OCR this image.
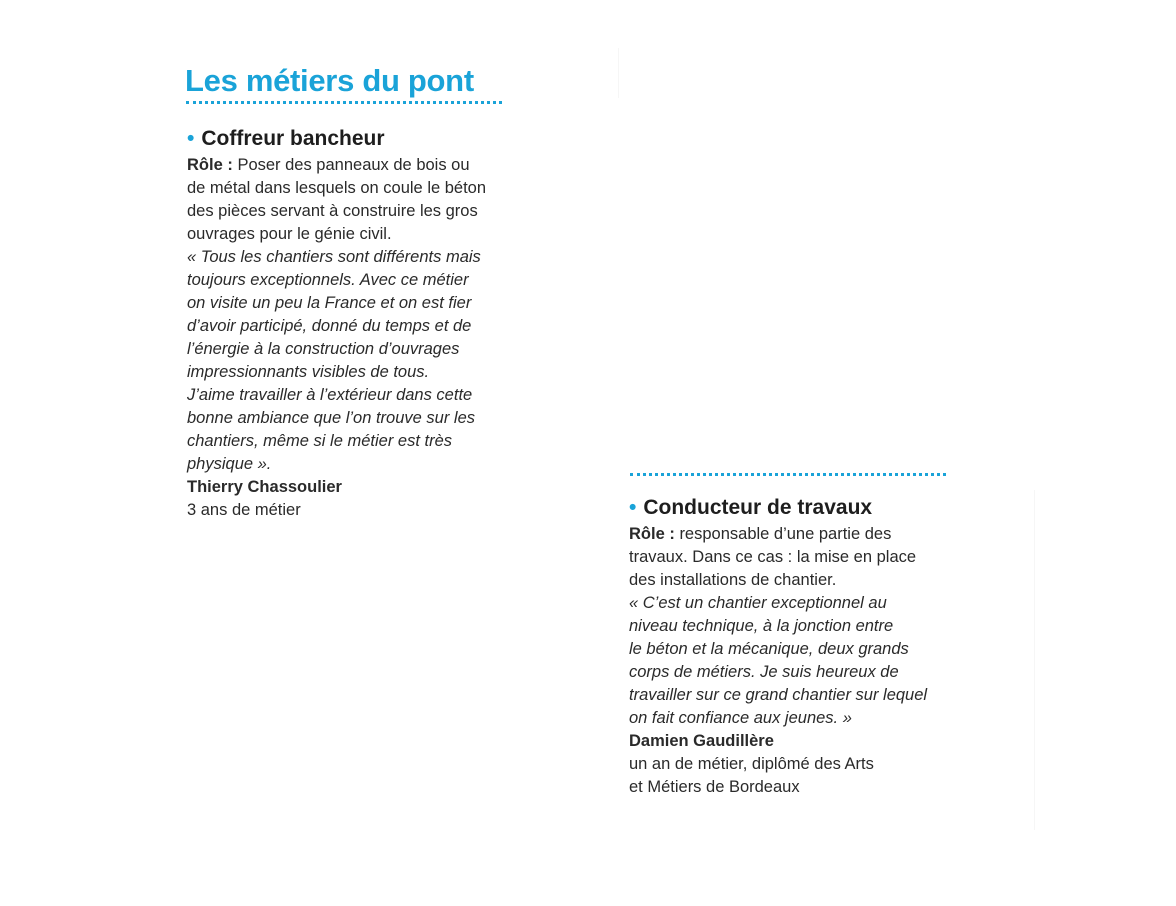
Les métiers du pont
• Coffreur bancheur
Rôle : Poser des panneaux de bois ou
de métal dans lesquels on coule le béton
des pièces servant à construire les gros
ouvrages pour le génie civil.
« Tous les chantiers sont différents mais
toujours exceptionnels. Avec ce métier
on visite un peu la France et on est fier
d’avoir participé, donné du temps et de
l’énergie à la construction d’ouvrages
impressionnants visibles de tous.
J’aime travailler à l’extérieur dans cette
bonne ambiance que l’on trouve sur les
chantiers, même si le métier est très
physique ».
Thierry Chassoulier
3 ans de métier	• Conducteur de travaux
Rôle : responsable d’une partie des
travaux. Dans ce cas : la mise en place
des installations de chantier.
« C’est un chantier exceptionnel au
niveau technique, à la jonction entre
le béton et la mécanique, deux grands
corps de métiers. Je suis heureux de
travailler sur ce grand chantier sur lequel
on fait confiance aux jeunes. »
Damien Gaudillère
un an de métier, diplômé des Arts
et Métiers de Bordeaux
